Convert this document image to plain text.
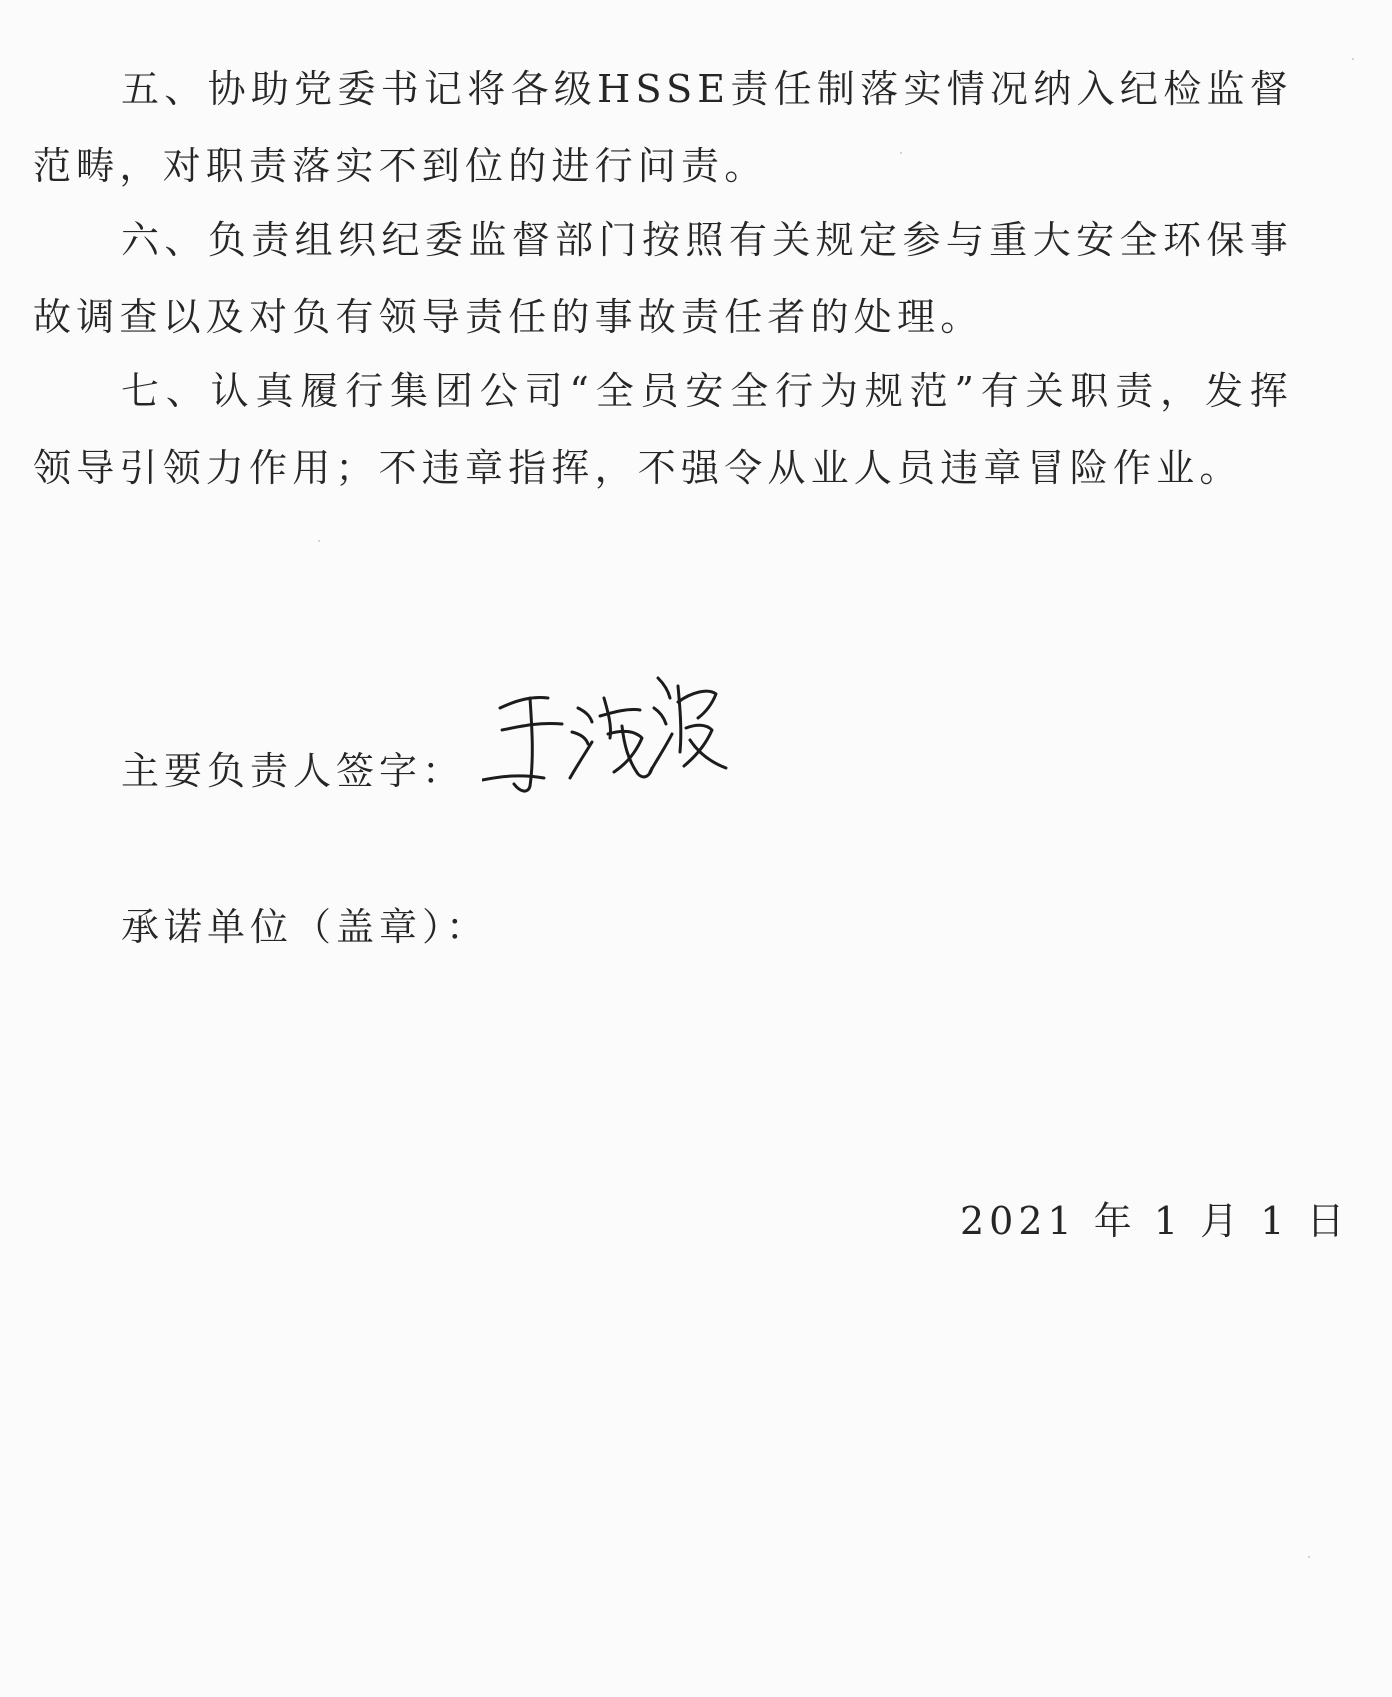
五、协助党委书记将各级HSSE责任制落实情况纳入纪检监督范畴，对职责落实不到位的进行问责。

六、负责组织纪委监督部门按照有关规定参与重大安全环保事故调查以及对负有领导责任的事故责任者的处理。

七、认真履行集团公司“全员安全行为规范”有关职责，发挥领导引领力作用；不违章指挥，不强令从业人员违章冒险作业。

主要负责人签字：
承诺单位（盖章）：
2021 年 1 月 1 日
